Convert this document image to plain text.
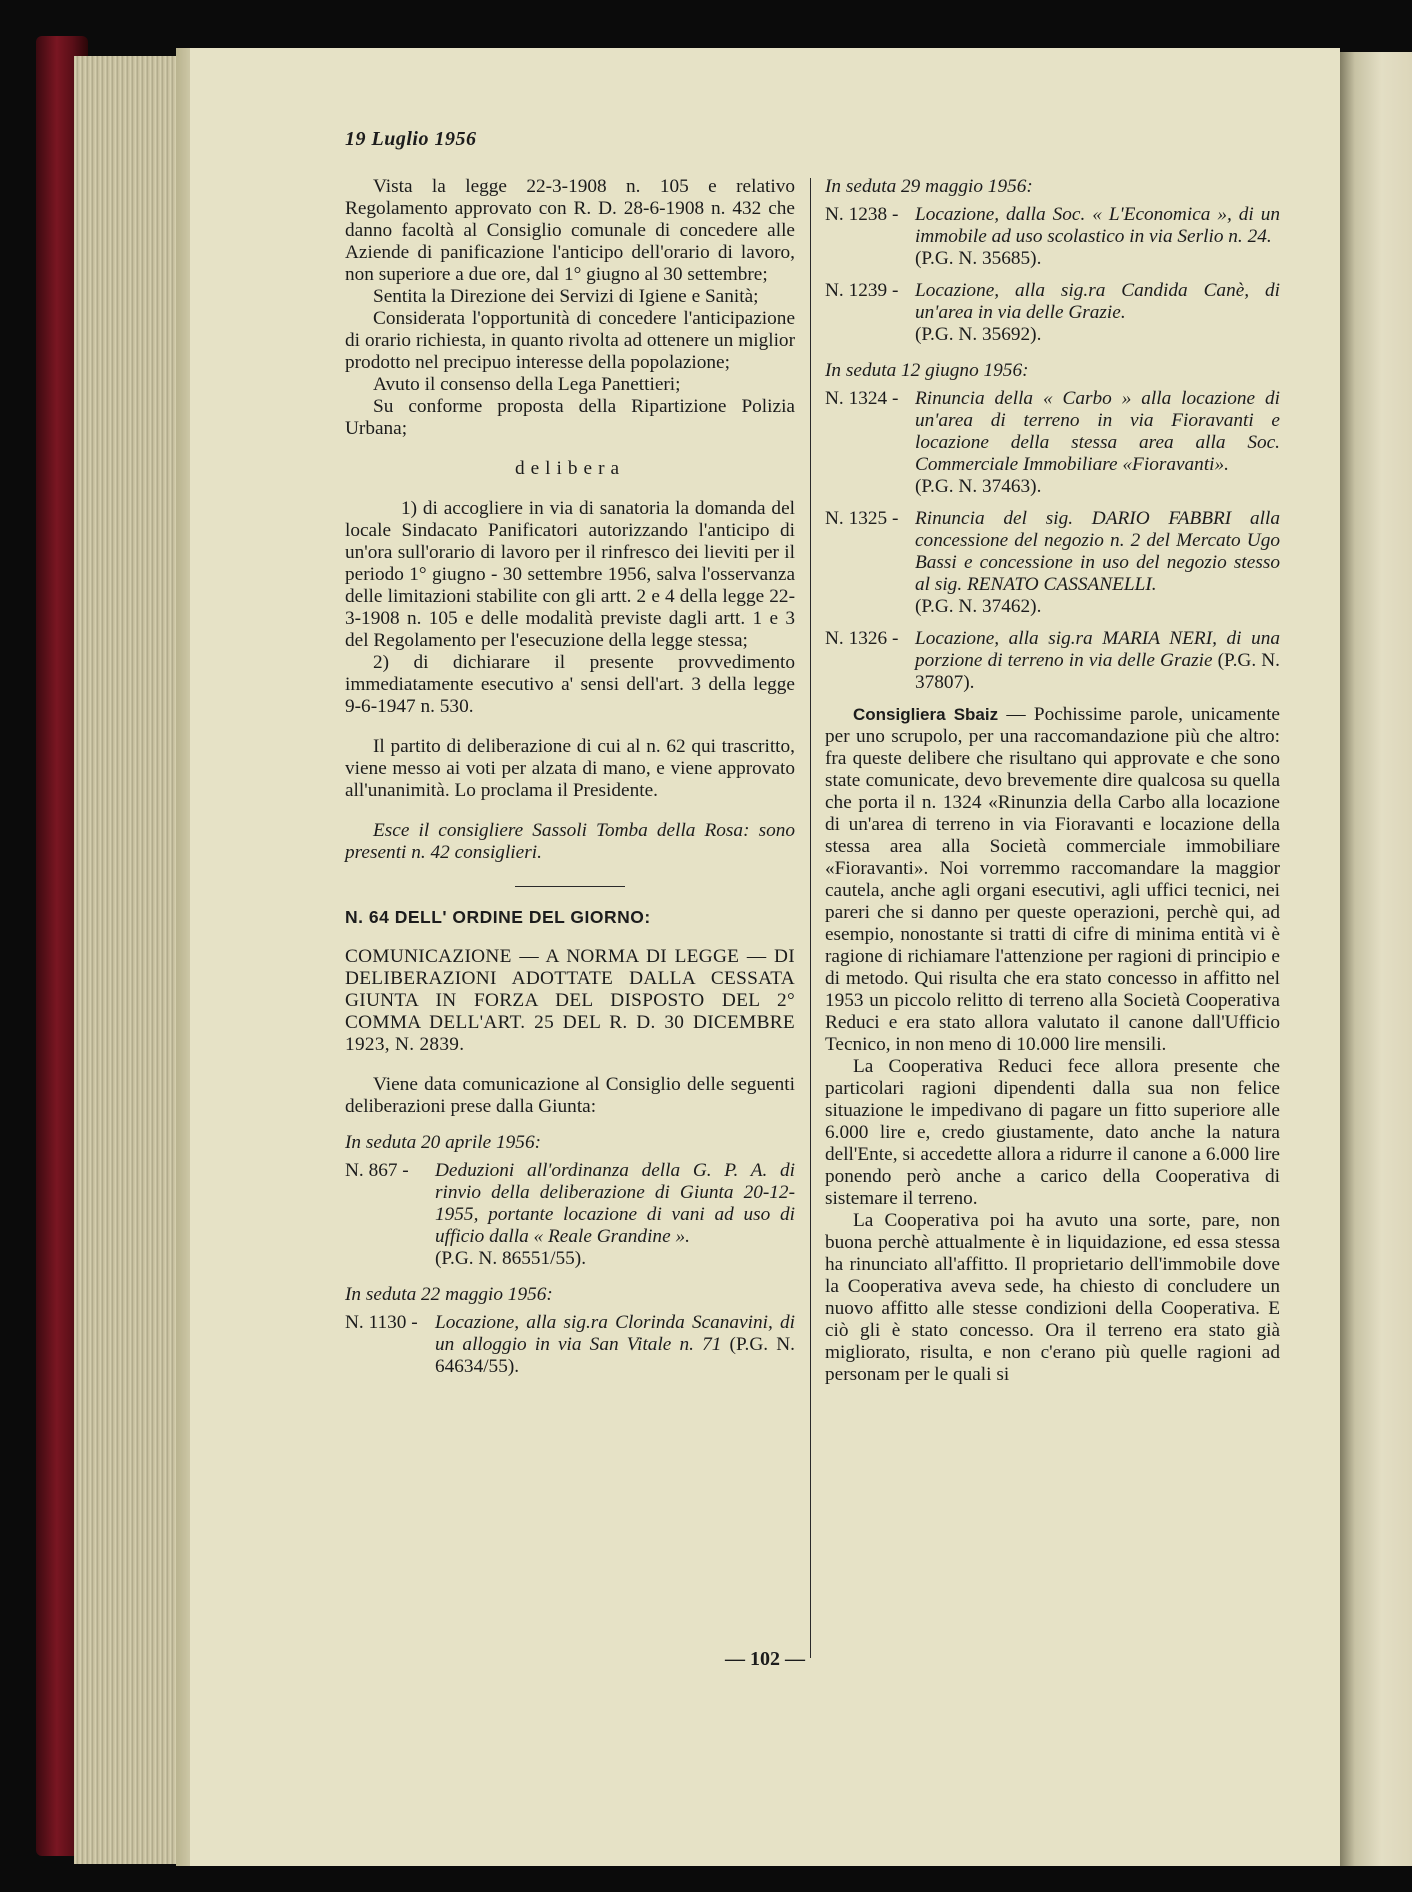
19 Luglio 1956

Vista la legge 22-3-1908 n. 105 e relativo Regolamento approvato con R. D. 28-6-1908 n. 432 che danno facoltà al Consiglio comunale di concedere alle Aziende di panificazione l'anticipo dell'orario di lavoro, non superiore a due ore, dal 1° giugno al 30 settembre;

Sentita la Direzione dei Servizi di Igiene e Sanità;

Considerata l'opportunità di concedere l'anticipazione di orario richiesta, in quanto rivolta ad ottenere un miglior prodotto nel precipuo interesse della popolazione;

Avuto il consenso della Lega Panettieri;

Su conforme proposta della Ripartizione Polizia Urbana;

delibera

1) di accogliere in via di sanatoria la domanda del locale Sindacato Panificatori autorizzando l'anticipo di un'ora sull'orario di lavoro per il rinfresco dei lieviti per il periodo 1° giugno - 30 settembre 1956, salva l'osservanza delle limitazioni stabilite con gli artt. 2 e 4 della legge 22-3-1908 n. 105 e delle modalità previste dagli artt. 1 e 3 del Regolamento per l'esecuzione della legge stessa;

2) di dichiarare il presente provvedimento immediatamente esecutivo a' sensi dell'art. 3 della legge 9-6-1947 n. 530.

Il partito di deliberazione di cui al n. 62 qui trascritto, viene messo ai voti per alzata di mano, e viene approvato all'unanimità. Lo proclama il Presidente.

Esce il consigliere Sassoli Tomba della Rosa: sono presenti n. 42 consiglieri.

N. 64 DELL' ORDINE DEL GIORNO:

COMUNICAZIONE — A NORMA DI LEGGE — DI DELIBERAZIONI ADOTTATE DALLA CESSATA GIUNTA IN FORZA DEL DISPOSTO DEL 2° COMMA DELL'ART. 25 DEL R. D. 30 DICEMBRE 1923, N. 2839.

Viene data comunicazione al Consiglio delle seguenti deliberazioni prese dalla Giunta:

In seduta 20 aprile 1956:

N. 867 -	Deduzioni all'ordinanza della G. P. A. di rinvio della deliberazione di Giunta 20-12-1955, portante locazione di vani ad uso di ufficio dalla « Reale Grandine ».
(P.G. N. 86551/55).

In seduta 22 maggio 1956:

N. 1130 - Locazione, alla sig.ra Clorinda Scanavini, di un alloggio in via San Vitale n. 71 (P.G. N. 64634/55).

In seduta 29 maggio 1956:

N. 1238 - Locazione, dalla Soc. « L'Economica », di un immobile ad uso scolastico in via Serlio n. 24.
(P.G. N. 35685).
N. 1239 - Locazione, alla sig.ra Candida Canè, di un'area in via delle Grazie.
(P.G. N. 35692).

In seduta 12 giugno 1956:

N. 1324 - Rinuncia della « Carbo » alla locazione di un'area di terreno in via Fioravanti e locazione della stessa area alla Soc. Commerciale Immobiliare «Fioravanti».
(P.G. N. 37463).
N. 1325 - Rinuncia del sig. DARIO FABBRI alla concessione del negozio n. 2 del Mercato Ugo Bassi e concessione in uso del negozio stesso al sig. RENATO CASSANELLI.
(P.G. N. 37462).
N. 1326 - Locazione, alla sig.ra MARIA NERI, di una porzione di terreno in via delle Grazie (P.G. N. 37807).

Consigliera Sbaiz — Pochissime parole, unicamente per uno scrupolo, per una raccomandazione più che altro: fra queste delibere che risultano qui approvate e che sono state comunicate, devo brevemente dire qualcosa su quella che porta il n. 1324 «Rinunzia della Carbo alla locazione di un'area di terreno in via Fioravanti e locazione della stessa area alla Società commerciale immobiliare «Fioravanti». Noi vorremmo raccomandare la maggior cautela, anche agli organi esecutivi, agli uffici tecnici, nei pareri che si danno per queste operazioni, perchè qui, ad esempio, nonostante si tratti di cifre di minima entità vi è ragione di richiamare l'attenzione per ragioni di principio e di metodo. Qui risulta che era stato concesso in affitto nel 1953 un piccolo relitto di terreno alla Società Cooperativa Reduci e era stato allora valutato il canone dall'Ufficio Tecnico, in non meno di 10.000 lire mensili.

La Cooperativa Reduci fece allora presente che particolari ragioni dipendenti dalla sua non felice situazione le impedivano di pagare un fitto superiore alle 6.000 lire e, credo giustamente, dato anche la natura dell'Ente, si accedette allora a ridurre il canone a 6.000 lire ponendo però anche a carico della Cooperativa di sistemare il terreno.

La Cooperativa poi ha avuto una sorte, pare, non buona perchè attualmente è in liquidazione, ed essa stessa ha rinunciato all'affitto. Il proprietario dell'immobile dove la Cooperativa aveva sede, ha chiesto di concludere un nuovo affitto alle stesse condizioni della Cooperativa. E ciò gli è stato concesso. Ora il terreno era stato già migliorato, risulta, e non c'erano più quelle ragioni ad personam per le quali si

— 102 —
